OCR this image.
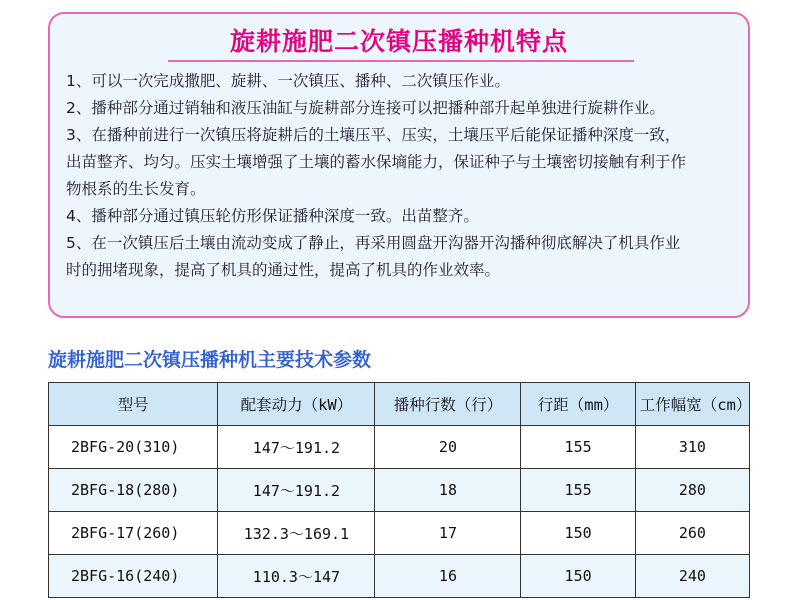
旋耕施肥二次镇压播种机特点

1、可以一次完成撒肥、旋耕、一次镇压、播种、二次镇压作业。

2、播种部分通过销轴和液压油缸与旋耕部分连接可以把播种部升起单独进行旋耕作业。

3、在播种前进行一次镇压将旋耕后的土壤压平、压实，土壤压平后能保证播种深度一致，

出苗整齐、均匀。压实土壤增强了土壤的蓄水保墒能力，保证种子与土壤密切接触有利于作

物根系的生长发育。

4、播种部分通过镇压轮仿形保证播种深度一致。出苗整齐。

5、在一次镇压后土壤由流动变成了静止，再采用圆盘开沟器开沟播种彻底解决了机具作业

时的拥堵现象，提高了机具的通过性，提高了机具的作业效率。

旋耕施肥二次镇压播种机主要技术参数
型号	配套动力（kW）	播种行数（行）	行距（mm）	工作幅宽（cm）
2BFG-20(310)	147～191.2	20	155	310
2BFG-18(280)	147～191.2	18	155	280
2BFG-17(260)	132.3～169.1	17	150	260
2BFG-16(240)	110.3～147	16	150	240
